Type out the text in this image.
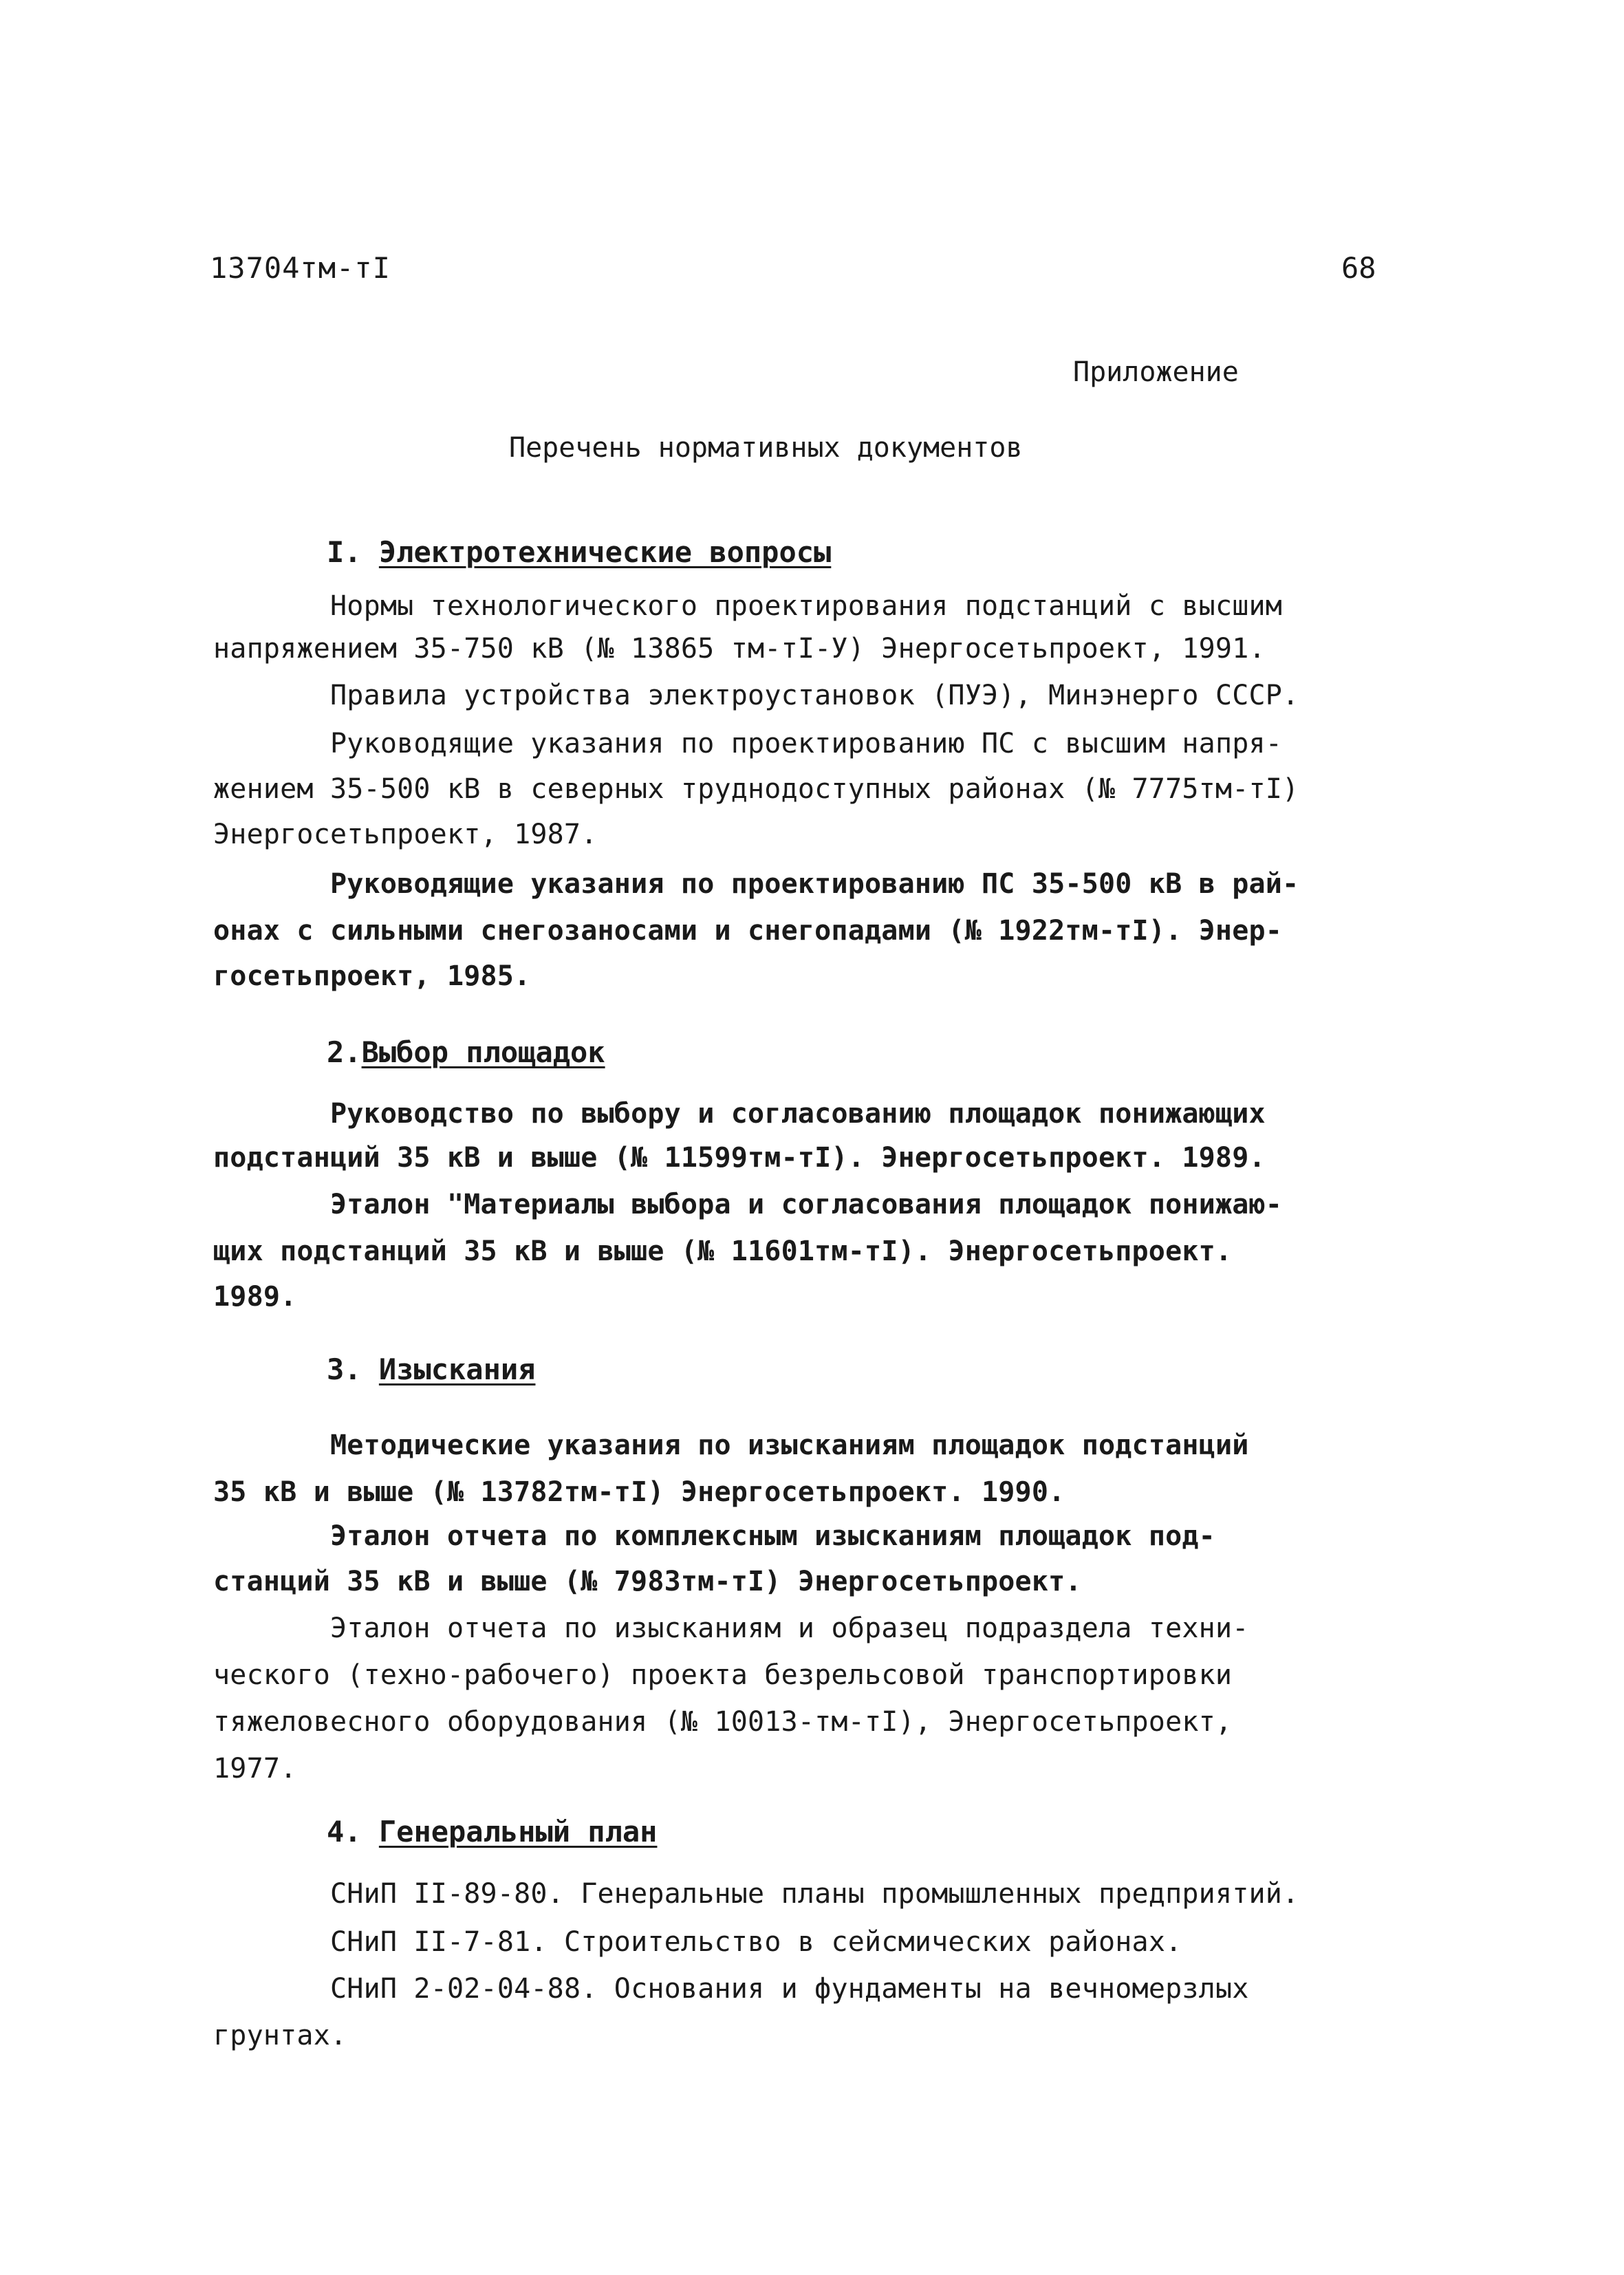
13704тм-тI	68
Приложение
Перечень нормативных документов
I. Электротехнические вопросы
Нормы технологического проектирования подстанций с высшим
напряжением 35-750 кВ (№ 13865 тм-тI-У) Энергосетьпроект, 1991.
Правила устройства электроустановок (ПУЭ), Минэнерго СССР.
Руководящие указания по проектированию ПС с высшим напря-
жением 35-500 кВ в северных труднодоступных районах (№ 7775тм-тI)
Энергосетьпроект, 1987.
Руководящие указания по проектированию ПС 35-500 кВ в рай-
онах с сильными снегозаносами и снегопадами (№ 1922тм-тI). Энер-
госетьпроект, 1985.
2.Выбор площадок
Руководство по выбору и согласованию площадок понижающих
подстанций 35 кВ и выше (№ 11599тм-тI). Энергосетьпроект. 1989.
Эталон "Материалы выбора и согласования площадок понижаю-
щих подстанций 35 кВ и выше (№ 11601тм-тI). Энергосетьпроект.
1989.
3. Изыскания
Методические указания по изысканиям площадок подстанций
35 кВ и выше (№ 13782тм-тI) Энергосетьпроект. 1990.
Эталон отчета по комплексным изысканиям площадок под-
станций 35 кВ и выше (№ 7983тм-тI) Энергосетьпроект.
Эталон отчета по изысканиям и образец подраздела техни-
ческого (техно-рабочего) проекта безрельсовой транспортировки
тяжеловесного оборудования (№ 10013-тм-тI), Энергосетьпроект,
1977.
4. Генеральный план
СНиП II-89-80. Генеральные планы промышленных предприятий.
СНиП II-7-81. Строительство в сейсмических районах.
СНиП 2-02-04-88. Основания и фундаменты на вечномерзлых
грунтах.
